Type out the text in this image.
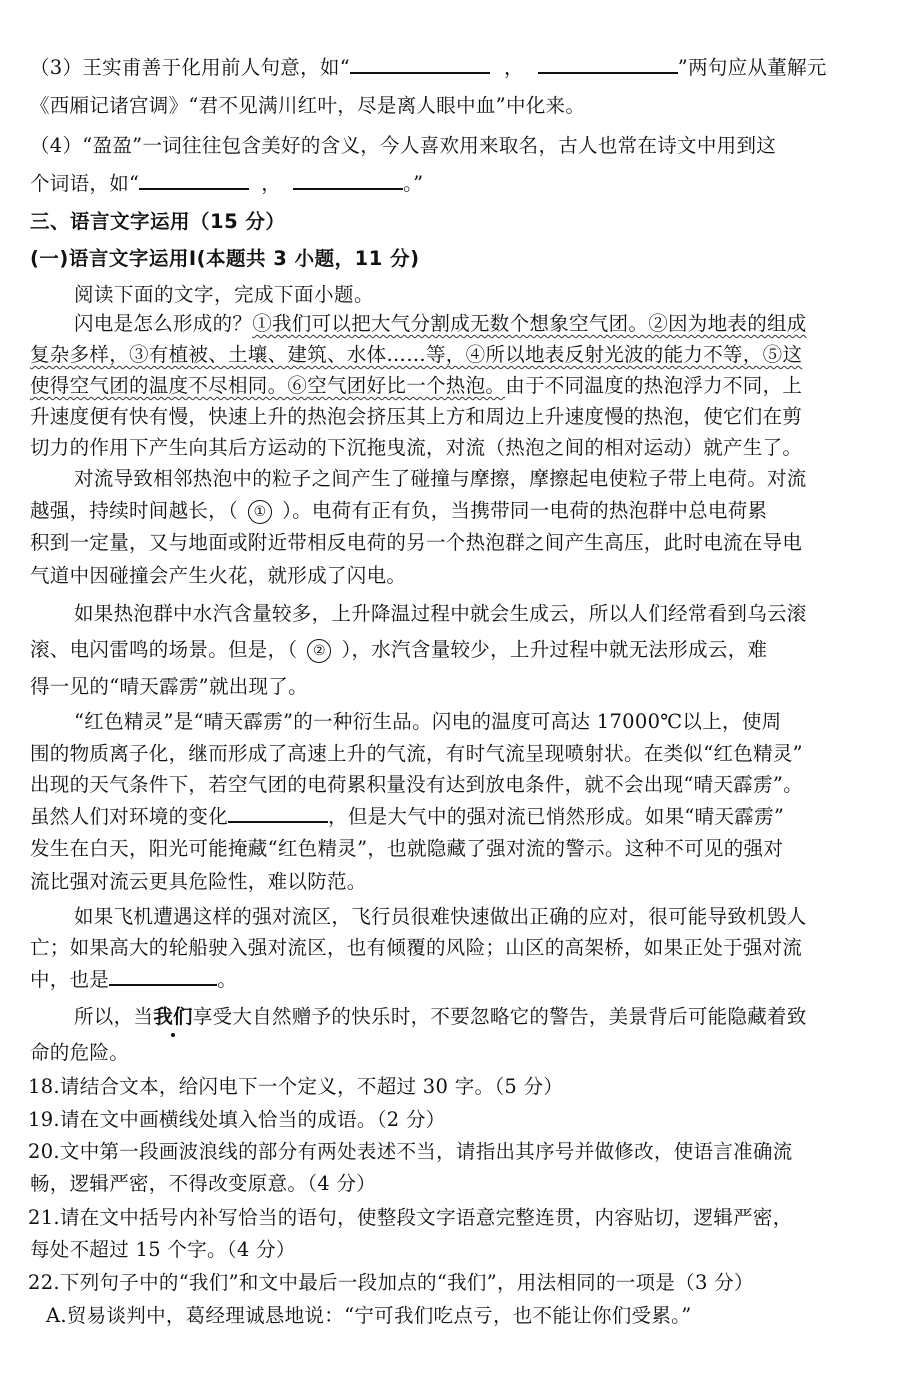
（3）王实甫善于化用前人句意，如“	，	”两句应从董解元
《西厢记诸宫调》“君不见满川红叶，尽是离人眼中血”中化来。
（4）“盈盈”一词往往包含美好的含义，今人喜欢用来取名，古人也常在诗文中用到这
个词语，如“	，	。”
三、语言文字运用（15 分）
(一)语言文字运用Ⅰ(本题共 3 小题，11 分)
阅读下面的文字，完成下面小题。
闪电是怎么形成的？①我们可以把大气分割成无数个想象空气团。②因为地表的组成
复杂多样，③有植被、土壤、建筑、水体……等，④所以地表反射光波的能力不等，⑤这
使得空气团的温度不尽相同。⑥空气团好比一个热泡。由于不同温度的热泡浮力不同，上
升速度便有快有慢，快速上升的热泡会挤压其上方和周边上升速度慢的热泡，使它们在剪
切力的作用下产生向其后方运动的下沉拖曳流，对流（热泡之间的相对运动）就产生了。
对流导致相邻热泡中的粒子之间产生了碰撞与摩擦，摩擦起电使粒子带上电荷。对流
越强，持续时间越长，（ ① ）。电荷有正有负，当携带同一电荷的热泡群中总电荷累
积到一定量，又与地面或附近带相反电荷的另一个热泡群之间产生高压，此时电流在导电
气道中因碰撞会产生火花，就形成了闪电。
如果热泡群中水汽含量较多，上升降温过程中就会生成云，所以人们经常看到乌云滚
滚、电闪雷鸣的场景。但是，（ ② ），水汽含量较少，上升过程中就无法形成云，难
得一见的“晴天霹雳”就出现了。
“红色精灵”是“晴天霹雳”的一种衍生品。闪电的温度可高达 17000℃以上，使周
围的物质离子化，继而形成了高速上升的气流，有时气流呈现喷射状。在类似“红色精灵”
出现的天气条件下，若空气团的电荷累积量没有达到放电条件，就不会出现“晴天霹雳”。
虽然人们对环境的变化	，但是大气中的强对流已悄然形成。如果“晴天霹雳”
发生在白天，阳光可能掩藏“红色精灵”，也就隐藏了强对流的警示。这种不可见的强对
流比强对流云更具危险性，难以防范。
如果飞机遭遇这样的强对流区，飞行员很难快速做出正确的应对，很可能导致机毁人
亡；如果高大的轮船驶入强对流区，也有倾覆的风险；山区的高架桥，如果正处于强对流
中，也是	。
所以，当我们享受大自然赠予的快乐时，不要忽略它的警告，美景背后可能隐藏着致
命的危险。
18.请结合文本，给闪电下一个定义，不超过 30 字。（5 分）
19.请在文中画横线处填入恰当的成语。（2 分）
20.文中第一段画波浪线的部分有两处表述不当，请指出其序号并做修改，使语言准确流
畅，逻辑严密，不得改变原意。（4 分）
21.请在文中括号内补写恰当的语句，使整段文字语意完整连贯，内容贴切，逻辑严密，
每处不超过 15 个字。（4 分）
22.下列句子中的“我们”和文中最后一段加点的“我们”，用法相同的一项是（3 分）
A.贸易谈判中，葛经理诚恳地说：“宁可我们吃点亏，也不能让你们受累。”
